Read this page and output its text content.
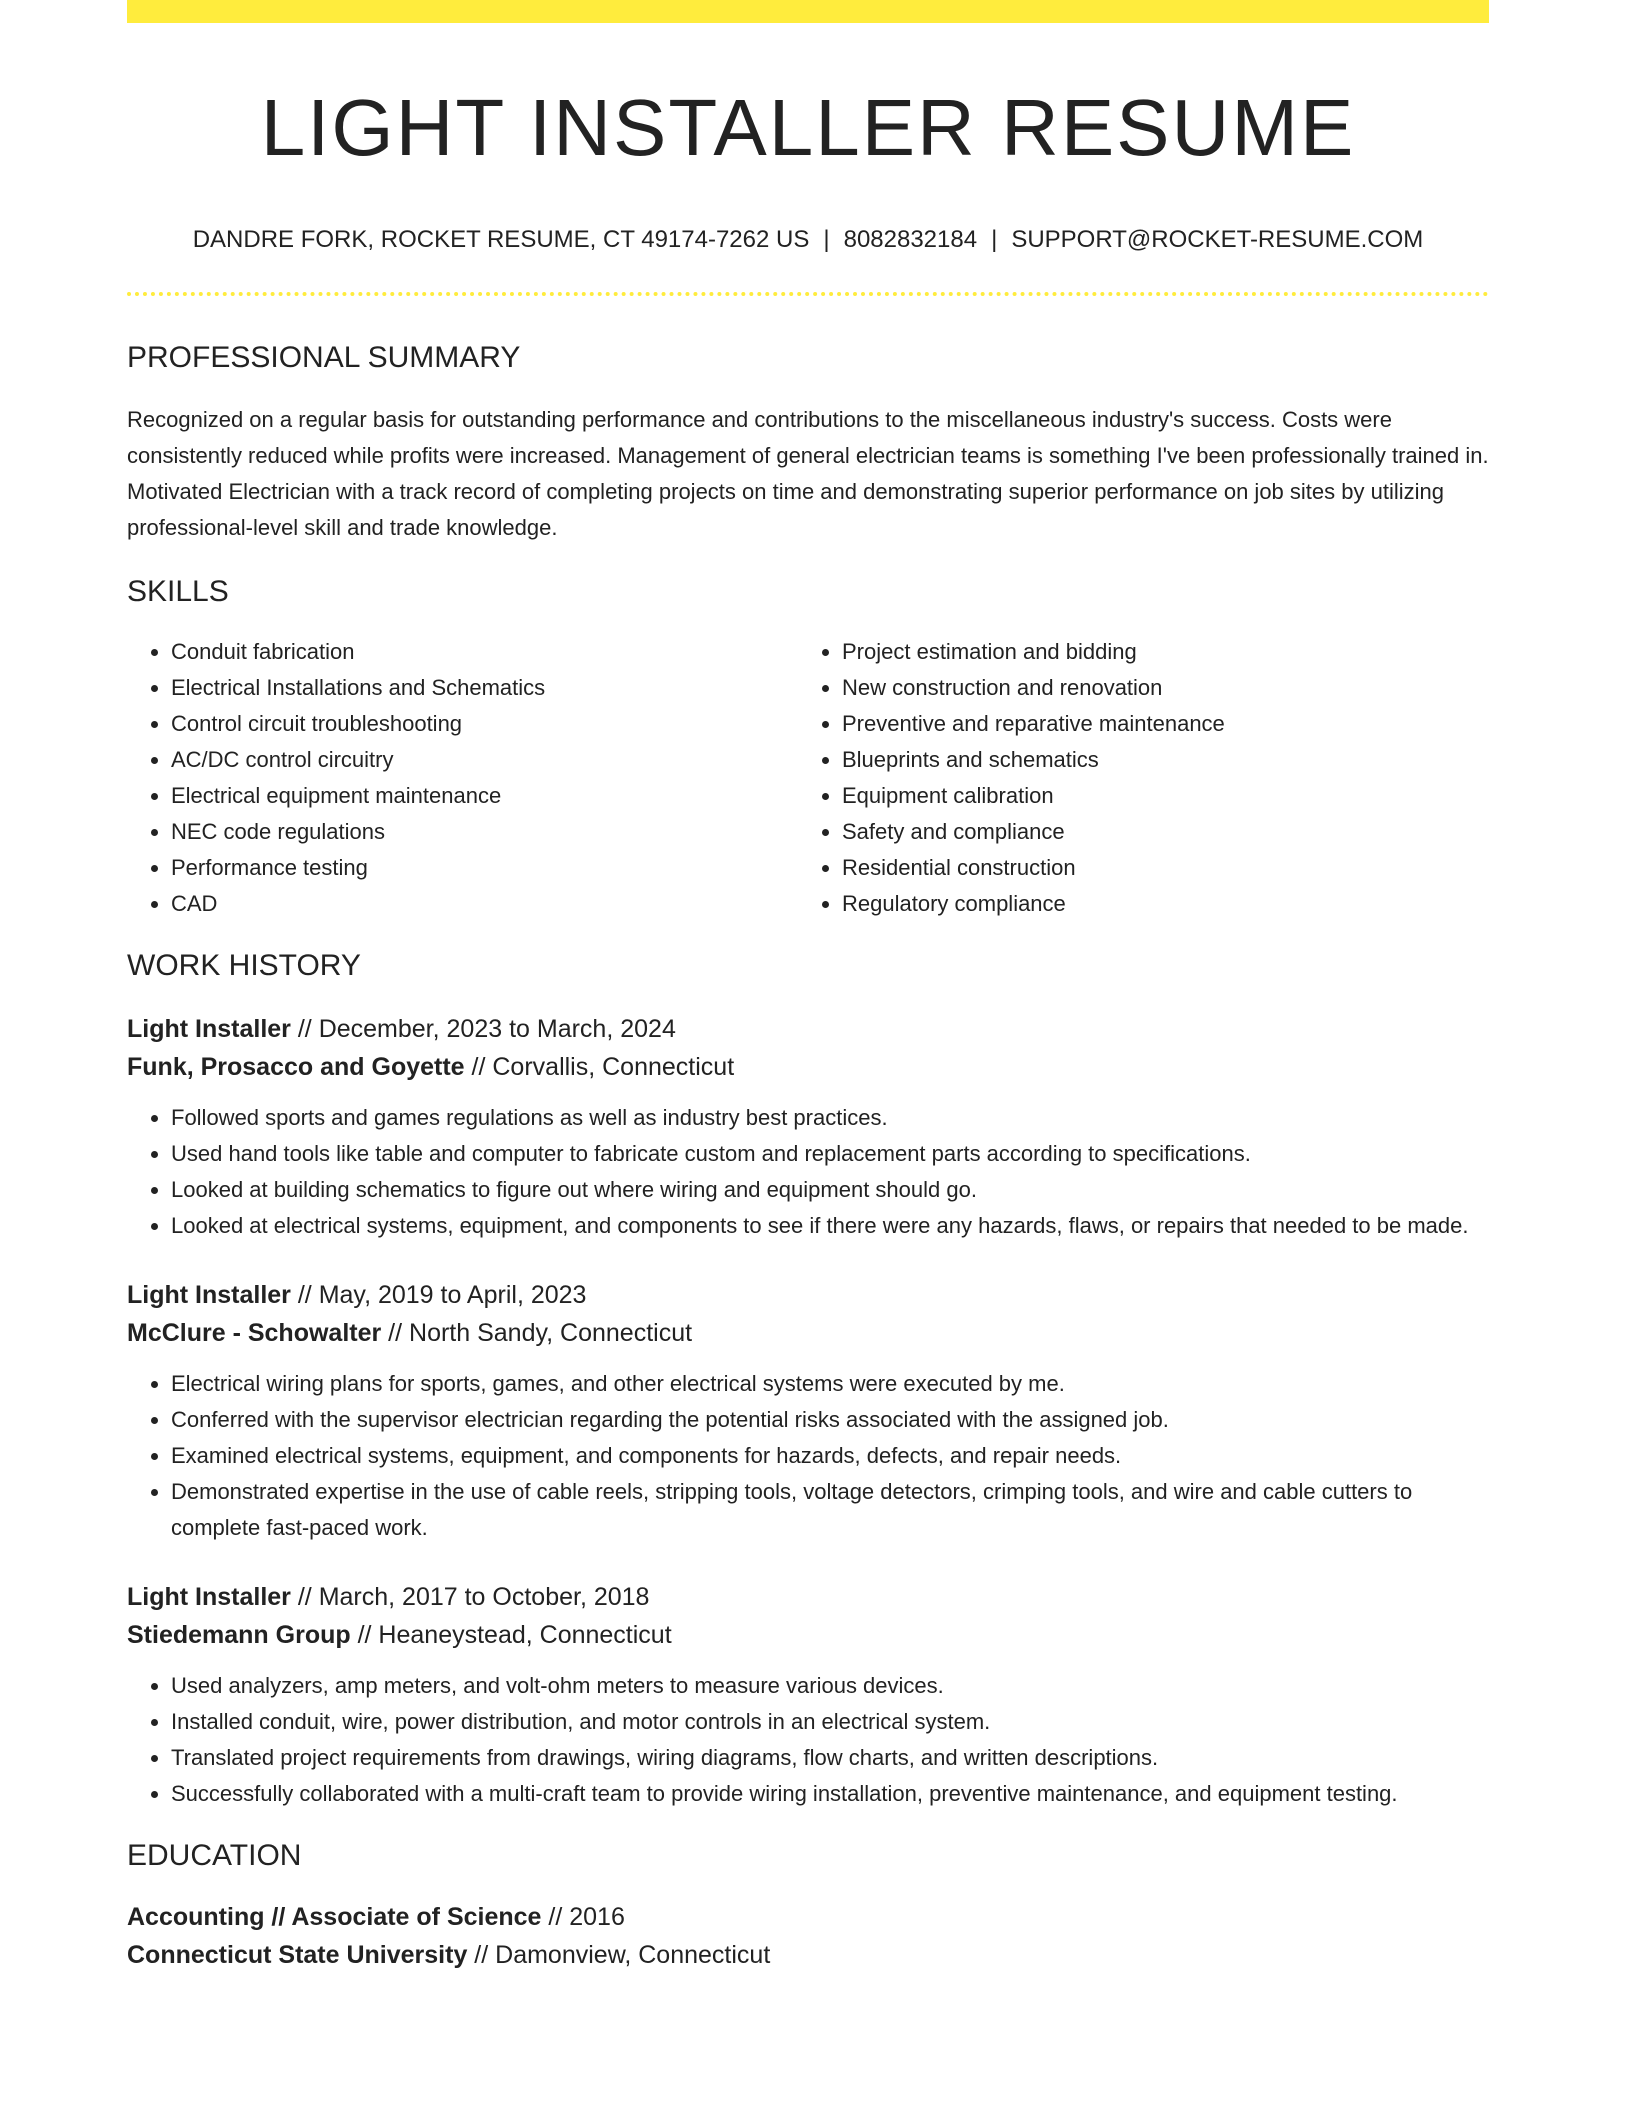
LIGHT INSTALLER RESUME
DANDRE FORK, ROCKET RESUME, CT 49174-7262 US | 8082832184 | SUPPORT@ROCKET-RESUME.COM
PROFESSIONAL SUMMARY

Recognized on a regular basis for outstanding performance and contributions to the miscellaneous industry's success. Costs were consistently reduced while profits were increased. Management of general electrician teams is something I've been professionally trained in. Motivated Electrician with a track record of completing projects on time and demonstrating superior performance on job sites by utilizing professional-level skill and trade knowledge.

SKILLS
• Conduit fabrication
• Electrical Installations and Schematics
• Control circuit troubleshooting
• AC/DC control circuitry
• Electrical equipment maintenance
• NEC code regulations
• Performance testing
• CAD
• Project estimation and bidding
• New construction and renovation
• Preventive and reparative maintenance
• Blueprints and schematics
• Equipment calibration
• Safety and compliance
• Residential construction
• Regulatory compliance
WORK HISTORY
Light Installer // December, 2023 to March, 2024
Funk, Prosacco and Goyette // Corvallis, Connecticut
• Followed sports and games regulations as well as industry best practices.
• Used hand tools like table and computer to fabricate custom and replacement parts according to specifications.
• Looked at building schematics to figure out where wiring and equipment should go.
• Looked at electrical systems, equipment, and components to see if there were any hazards, flaws, or repairs that needed to be made.
Light Installer // May, 2019 to April, 2023
McClure - Schowalter // North Sandy, Connecticut
• Electrical wiring plans for sports, games, and other electrical systems were executed by me.
• Conferred with the supervisor electrician regarding the potential risks associated with the assigned job.
• Examined electrical systems, equipment, and components for hazards, defects, and repair needs.
• Demonstrated expertise in the use of cable reels, stripping tools, voltage detectors, crimping tools, and wire and cable cutters to complete fast-paced work.
Light Installer // March, 2017 to October, 2018
Stiedemann Group // Heaneystead, Connecticut
• Used analyzers, amp meters, and volt-ohm meters to measure various devices.
• Installed conduit, wire, power distribution, and motor controls in an electrical system.
• Translated project requirements from drawings, wiring diagrams, flow charts, and written descriptions.
• Successfully collaborated with a multi-craft team to provide wiring installation, preventive maintenance, and equipment testing.
EDUCATION
Accounting // Associate of Science // 2016
Connecticut State University // Damonview, Connecticut
